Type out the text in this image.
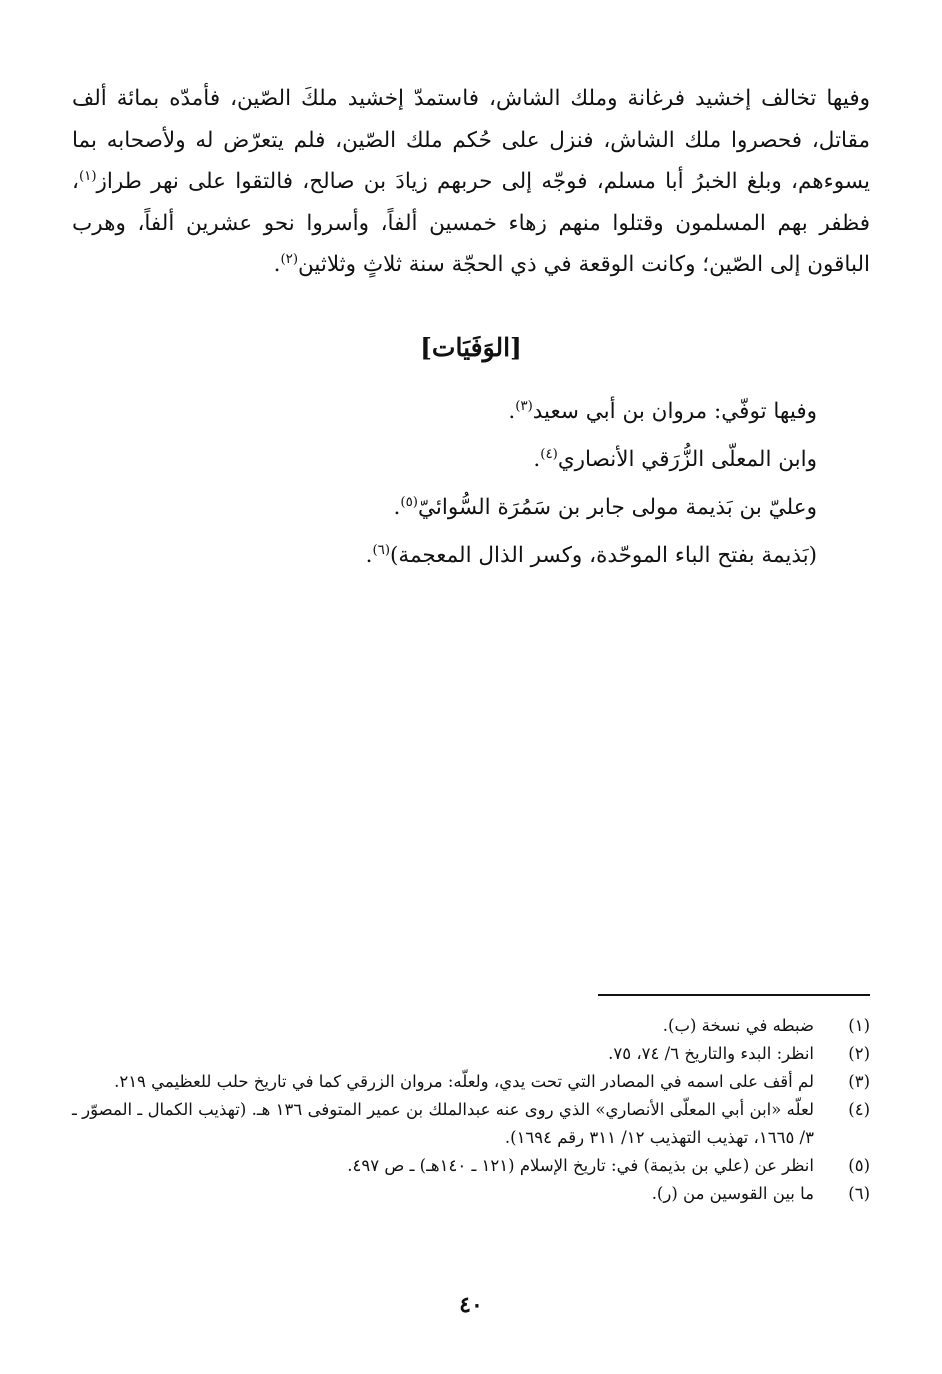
وفيها تخالف إخشيد فرغانة وملك الشاش، فاستمدّ إخشيد ملكَ الصّين، فأمدّه بمائة ألف مقاتل، فحصروا ملك الشاش، فنزل على حُكم ملك الصّين، فلم يتعرّض له ولأصحابه بما يسوءهم، وبلغ الخبرُ أبا مسلم، فوجّه إلى حربهم زيادَ بن صالح، فالتقوا على نهر طراز$^{(١)}$، فظفر بهم المسلمون وقتلوا منهم زهاء خمسين ألفاً، وأسروا نحو عشرين ألفاً، وهرب الباقون إلى الصّين؛ وكانت الوقعة في ذي الحجّة سنة ثلاثٍ وثلاثين$^{(٢)}$.

[الوَفَيَات]
وفيها توفّي: مروان بن أبي سعيد$^{(٣)}$.
وابن المعلّى الزُّرَقي الأنصاري$^{(٤)}$.
وعليّ بن بَذيمة مولى جابر بن سَمُرَة السُّوائيّ$^{(٥)}$.
(بَذيمة بفتح الباء الموحّدة، وكسر الذال المعجمة)$^{(٦)}$.
(١)
ضبطه في نسخة (ب).
(٢)
انظر: البدء والتاريخ ٦/ ٧٤، ٧٥.
(٣)
لم أقف على اسمه في المصادر التي تحت يدي، ولعلّه: مروان الزرقي كما في تاريخ حلب للعظيمي ٢١٩.
(٤)
لعلّه «ابن أبي المعلّى الأنصاري» الذي روى عنه عبدالملك بن عمير المتوفى ١٣٦ هـ. (تهذيب الكمال ـ المصوّر ـ ٣/ ١٦٦٥، تهذيب التهذيب ١٢/ ٣١١ رقم ١٦٩٤).
(٥)
انظر عن (علي بن بذيمة) في: تاريخ الإسلام (١٢١ ـ ١٤٠هـ) ـ ص ٤٩٧.
(٦)
ما بين القوسين من (ر).
٤٠
